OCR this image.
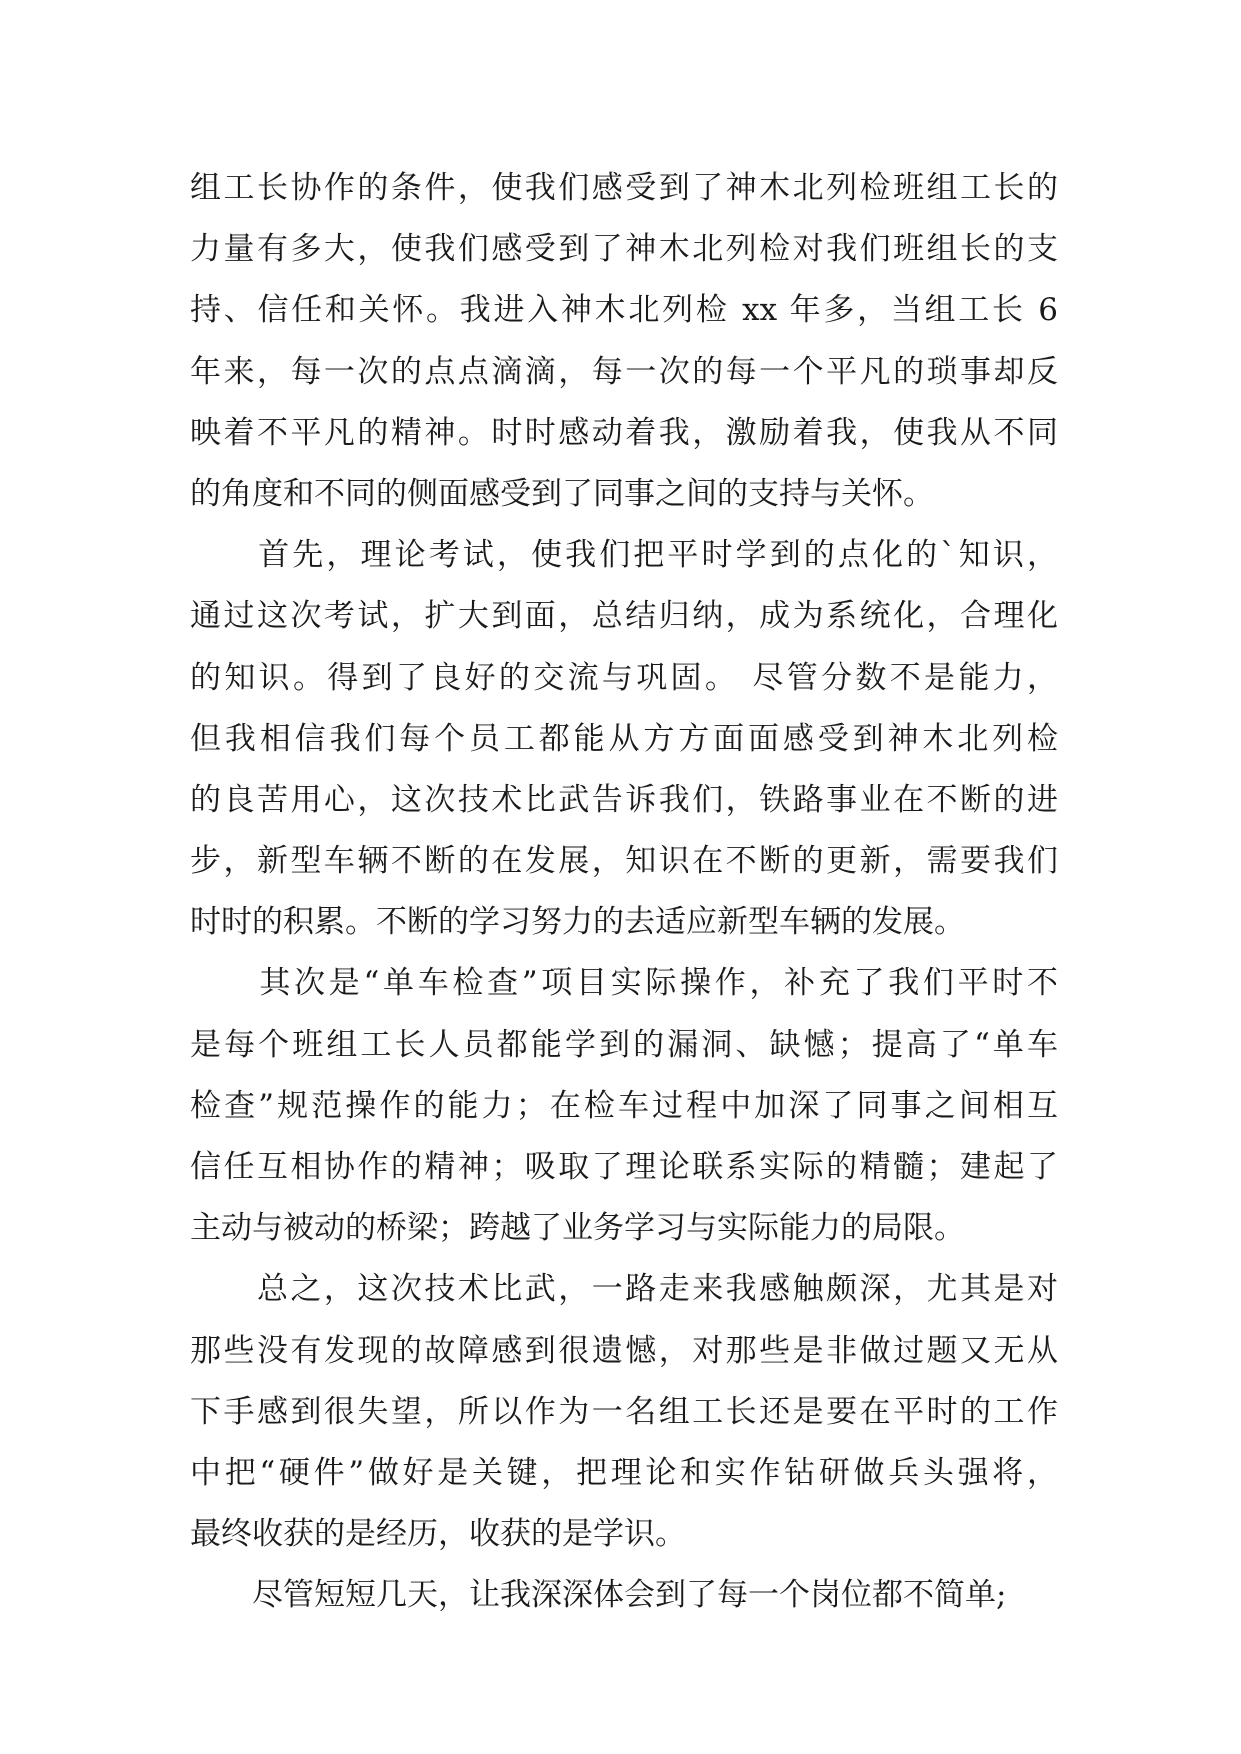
组工长协作的条件，使我们感受到了神木北列检班组工长的
力量有多大，使我们感受到了神木北列检对我们班组长的支
持、信任和关怀。我进入神木北列检 xx 年多，当组工长 6
年来，每一次的点点滴滴，每一次的每一个平凡的琐事却反
映着不平凡的精神。时时感动着我，激励着我，使我从不同
的角度和不同的侧面感受到了同事之间的支持与关怀。
　　首先，理论考试，使我们把平时学到的点化的`知识，
通过这次考试，扩大到面，总结归纳，成为系统化，合理化
的知识。得到了良好的交流与巩固。 尽管分数不是能力，
但我相信我们每个员工都能从方方面面感受到神木北列检
的良苦用心，这次技术比武告诉我们，铁路事业在不断的进
步，新型车辆不断的在发展，知识在不断的更新，需要我们
时时的积累。不断的学习努力的去适应新型车辆的发展。
　　其次是“单车检查”项目实际操作，补充了我们平时不
是每个班组工长人员都能学到的漏洞、缺憾；提高了“单车
检查”规范操作的能力；在检车过程中加深了同事之间相互
信任互相协作的精神；吸取了理论联系实际的精髓；建起了
主动与被动的桥梁；跨越了业务学习与实际能力的局限。
　　总之，这次技术比武，一路走来我感触颇深，尤其是对
那些没有发现的故障感到很遗憾，对那些是非做过题又无从
下手感到很失望，所以作为一名组工长还是要在平时的工作
中把“硬件”做好是关键，把理论和实作钻研做兵头强将，
最终收获的是经历，收获的是学识。
　　尽管短短几天，让我深深体会到了每一个岗位都不简单;
